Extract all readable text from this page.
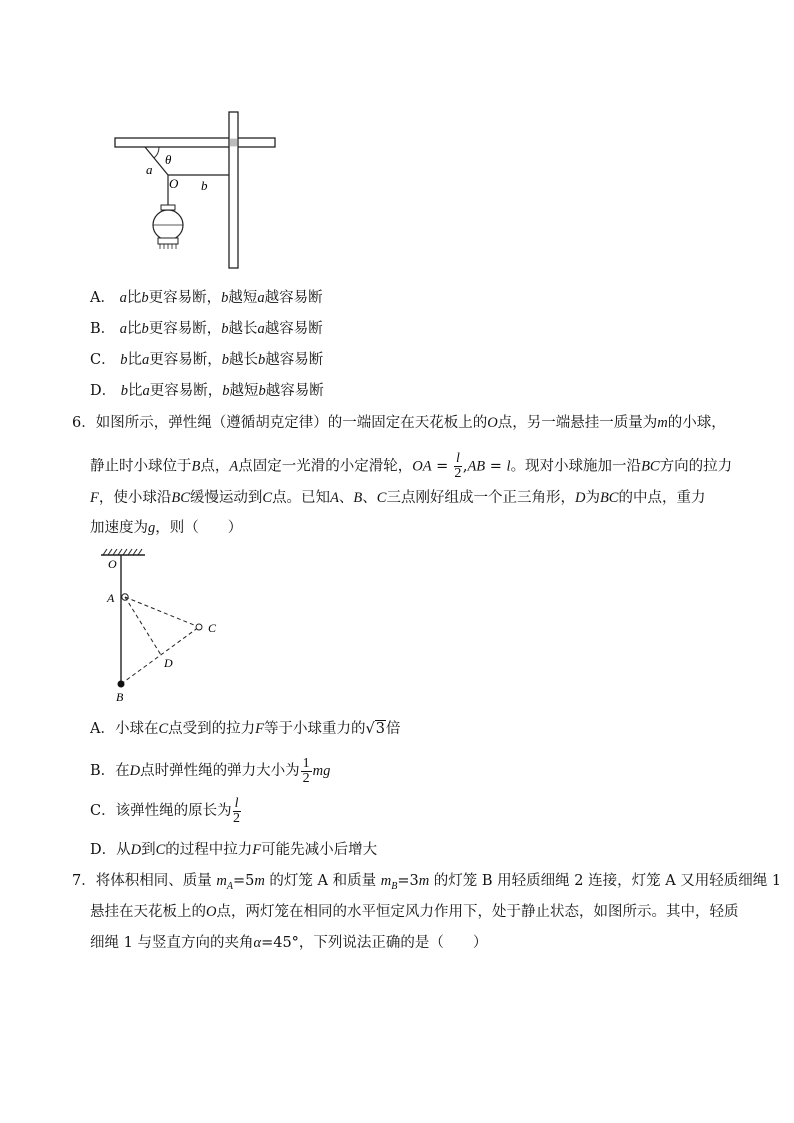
θ
a
O b
A． a比b更容易断，b越短a越容易断
B． a比b更容易断，b越长a越容易断
C． b比a更容易断，b越长b越容易断
D． b比a更容易断，b越短b越容易断
6．如图所示，弹性绳（遵循胡克定律）的一端固定在天花板上的O点，另一端悬挂一质量为m的小球，
静止时小球位于B点，A点固定一光滑的小定滑轮，OA = $\frac{l}{2} ,AB = l$。现对小球施加一沿BC方向的拉力
F，使小球沿BC缓慢运动到C点。已知A、B、C三点刚好组成一个正三角形，D为BC的中点，重力
加速度为g，则（　　）
O
A
C
D
B
A．小球在C点受到的拉力F等于小球重力的√3倍
B．在D点时弹性绳的弹力大小为 $\frac{1}{2}$ mg
C．该弹性绳的原长为 $\frac{l}{2}$
D．从D到C的过程中拉力F可能先减小后增大
7．将体积相同、质量 $m_A=5m$ 的灯笼 A 和质量 $m_B=3m$ 的灯笼 B 用轻质细绳 2 连接，灯笼 A 又用轻质细绳 1
悬挂在天花板上的O点，两灯笼在相同的水平恒定风力作用下，处于静止状态，如图所示。其中，轻质
细绳 1 与竖直方向的夹角α=45°，下列说法正确的是（　　）
